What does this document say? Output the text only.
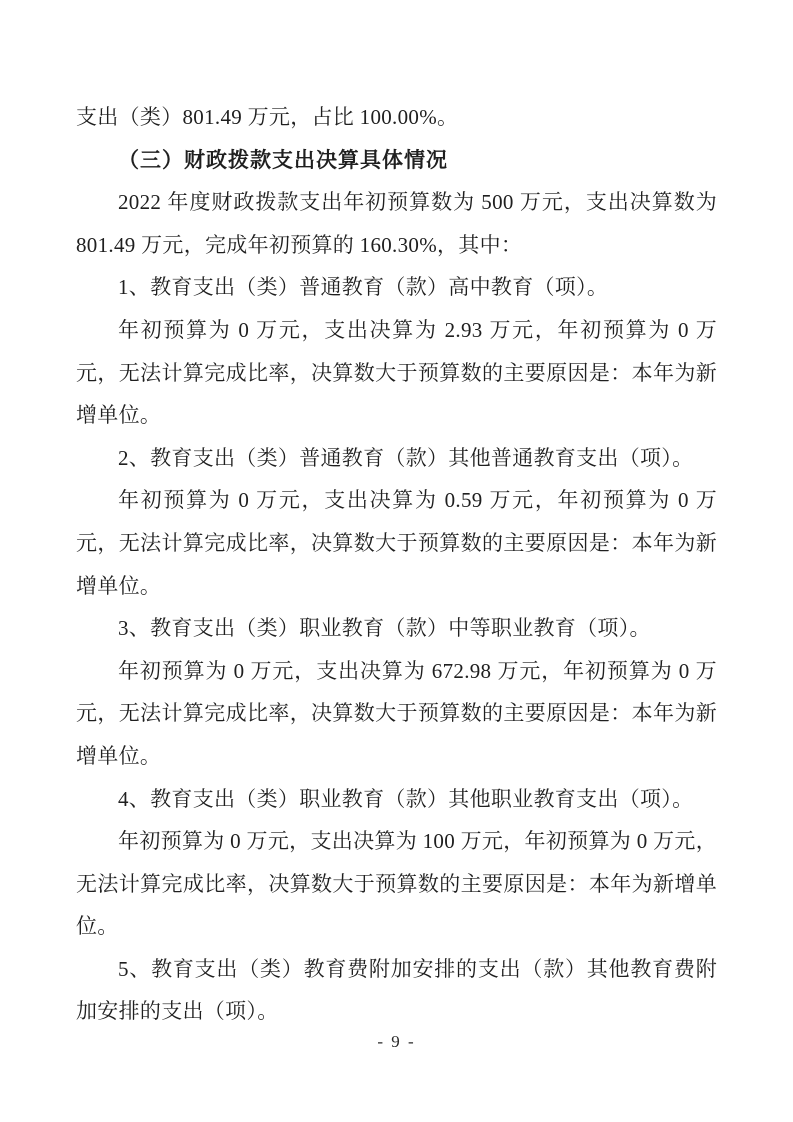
支出（类）801.49 万元，占比 100.00%。

（三）财政拨款支出决算具体情况

2022 年度财政拨款支出年初预算数为 500 万元，支出决算数为 801.49 万元，完成年初预算的 160.30%，其中：

1、教育支出（类）普通教育（款）高中教育（项）。

年初预算为 0 万元，支出决算为 2.93 万元，年初预算为 0 万元，无法计算完成比率，决算数大于预算数的主要原因是：本年为新增单位。

2、教育支出（类）普通教育（款）其他普通教育支出（项）。

年初预算为 0 万元，支出决算为 0.59 万元，年初预算为 0 万元，无法计算完成比率，决算数大于预算数的主要原因是：本年为新增单位。

3、教育支出（类）职业教育（款）中等职业教育（项）。

年初预算为 0 万元，支出决算为 672.98 万元，年初预算为 0 万元，无法计算完成比率，决算数大于预算数的主要原因是：本年为新增单位。

4、教育支出（类）职业教育（款）其他职业教育支出（项）。

年初预算为 0 万元，支出决算为 100 万元，年初预算为 0 万元，无法计算完成比率，决算数大于预算数的主要原因是：本年为新增单位。

5、教育支出（类）教育费附加安排的支出（款）其他教育费附加安排的支出（项）。

- 9 -
